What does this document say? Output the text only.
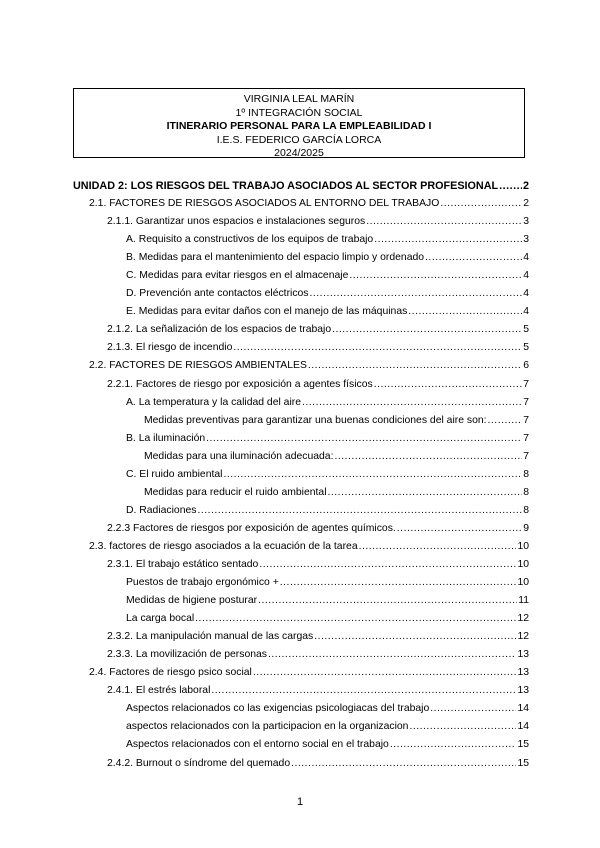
VIRGINIA LEAL MARÍN
1º INTEGRACIÓN SOCIAL
ITINERARIO PERSONAL PARA LA EMPLEABILIDAD I
I.E.S. FEDERICO GARCÍA LORCA
2024/2025
UNIDAD 2: LOS RIESGOS DEL TRABAJO ASOCIADOS AL SECTOR PROFESIONAL ..... 2
2.1. FACTORES DE RIESGOS ASOCIADOS AL ENTORNO DEL TRABAJO .....	2
2.1.1. Garantizar unos espacios e instalaciones seguros .....	3
A. Requisito a constructivos de los equipos de trabajo .....	3
B. Medidas para el mantenimiento del espacio limpio y ordenado .....	4
C. Medidas para evitar riesgos en el almacenaje .....	4
D. Prevención ante contactos eléctricos .....	4
E. Medidas para evitar daños con el manejo de las máquinas .....	4
2.1.2. La señalización de los espacios de trabajo .....	5
2.1.3. El riesgo de incendio .....	5
2.2. FACTORES DE RIESGOS AMBIENTALES .....	6
2.2.1. Factores de riesgo por exposición a agentes físicos .....	7
A. La temperatura y la calidad del aire .....	7
Medidas preventivas para garantizar una buenas condiciones del aire son: .....	7
B. La iluminación .....	7
Medidas para una iluminación adecuada: .....	7
C. El ruido ambiental .....	8
Medidas para reducir el ruido ambiental .....	8
D. Radiaciones .....	8
2.2.3 Factores de riesgos por exposición de agentes químicos. .....	9
2.3. factores de riesgo asociados a la ecuación de la tarea .....	10
2.3.1. El trabajo estático sentado .....	10
Puestos de trabajo ergonómico + .....	10
Medidas de higiene posturar .....	11
La carga bocal .....	12
2.3.2. La manipulación manual de las cargas .....	12
2.3.3. La movilización de personas .....	13
2.4. Factores de riesgo psico social .....	13
2.4.1. El estrés laboral .....	13
Aspectos relacionados co las exigencias psicologiacas del trabajo .....	14
aspectos relacionados con la participacion en la organizacion .....	14
Aspectos relacionados con el entorno social en el trabajo .....	15
2.4.2. Burnout o síndrome del quemado .....	15
1
